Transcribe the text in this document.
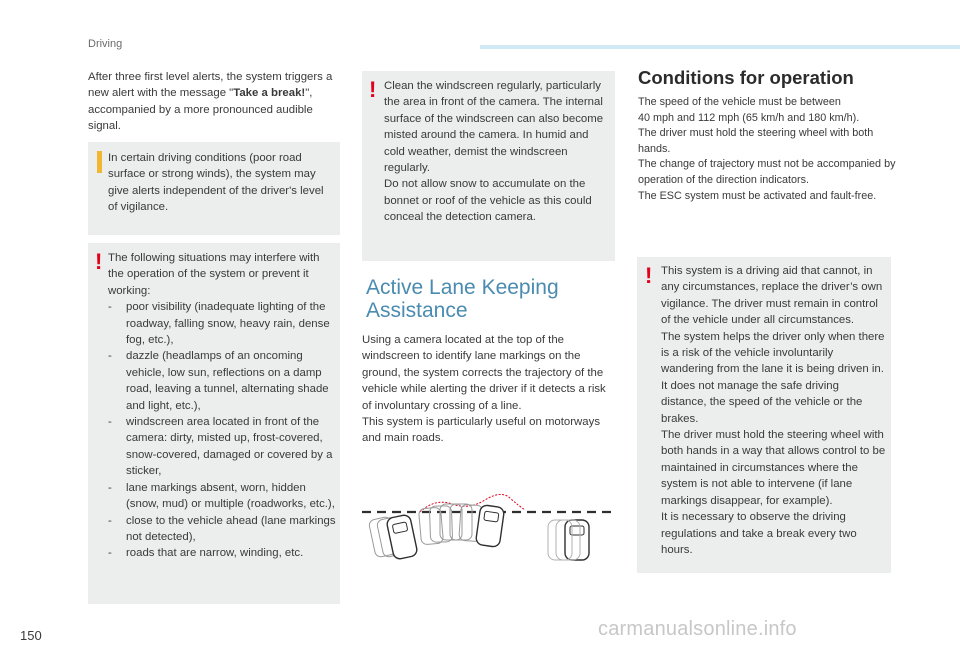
Driving

After three first level alerts, the system triggers a new alert with the message "Take a break!", accompanied by a more pronounced audible signal.

In certain driving conditions (poor road surface or strong winds), the system may give alerts independent of the driver's level of vigilance.

! The following situations may interfere with the operation of the system or prevent it working:

- poor visibility (inadequate lighting of the roadway, falling snow, heavy rain, dense fog, etc.),
- dazzle (headlamps of an oncoming vehicle, low sun, reflections on a damp road, leaving a tunnel, alternating shade and light, etc.),
- windscreen area located in front of the camera: dirty, misted up, frost-covered, snow-covered, damaged or covered by a sticker,
- lane markings absent, worn, hidden (snow, mud) or multiple (roadworks, etc.),
- close to the vehicle ahead (lane markings not detected),
- roads that are narrow, winding, etc.
! Clean the windscreen regularly, particularly the area in front of the camera. The internal surface of the windscreen can also become misted around the camera. In humid and cold weather, demist the windscreen regularly.
Do not allow snow to accumulate on the bonnet or roof of the vehicle as this could conceal the detection camera.

Active Lane Keeping Assistance

Using a camera located at the top of the windscreen to identify lane markings on the ground, the system corrects the trajectory of the vehicle while alerting the driver if it detects a risk of involuntary crossing of a line.
This system is particularly useful on motorways and main roads.

Conditions for operation

The speed of the vehicle must be between
40 mph and 112 mph (65 km/h and 180 km/h).
The driver must hold the steering wheel with both hands.
The change of trajectory must not be accompanied by operation of the direction indicators.
The ESC system must be activated and fault-free.

! This system is a driving aid that cannot, in any circumstances, replace the driver’s own vigilance. The driver must remain in control of the vehicle under all circumstances.
The system helps the driver only when there is a risk of the vehicle involuntarily wandering from the lane it is being driven in. It does not manage the safe driving distance, the speed of the vehicle or the brakes.
The driver must hold the steering wheel with both hands in a way that allows control to be maintained in circumstances where the system is not able to intervene (if lane markings disappear, for example).
It is necessary to observe the driving regulations and take a break every two hours.

150	carmanualsonline.info
